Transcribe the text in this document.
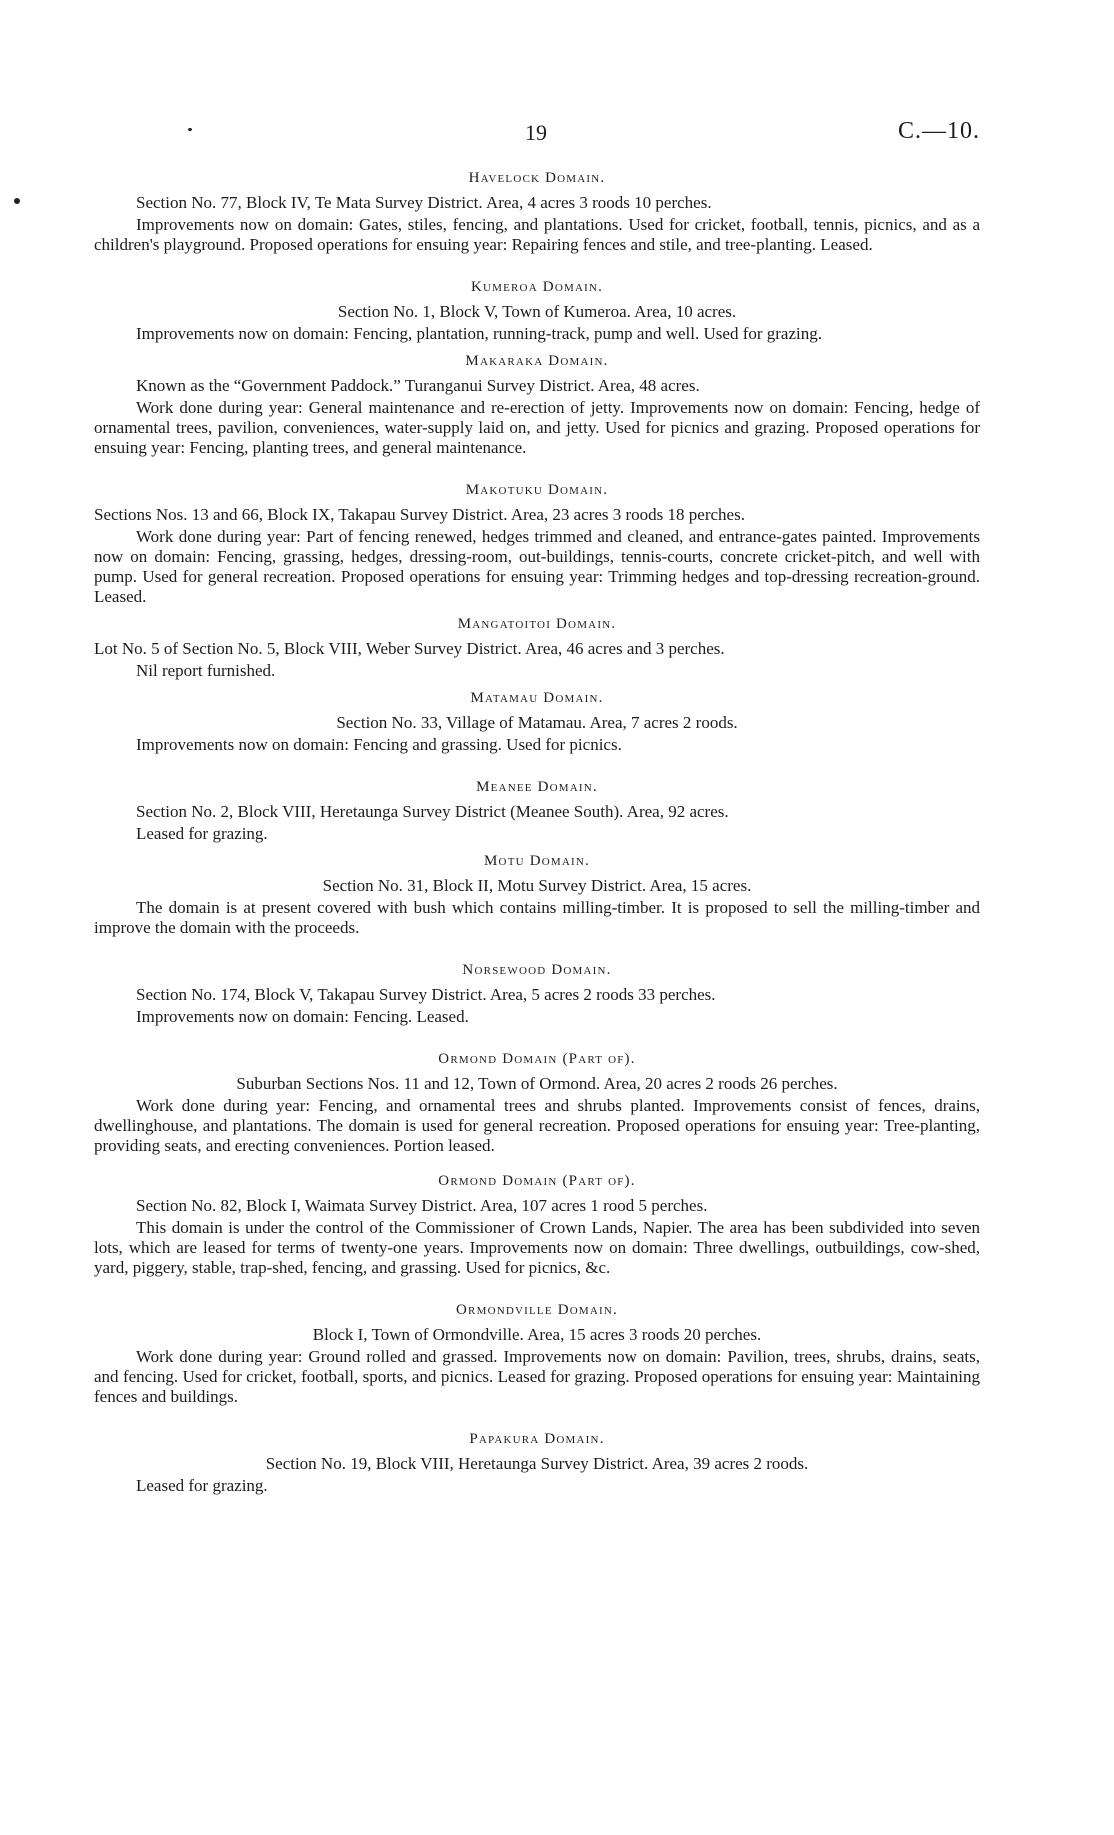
19	C.—10.
Havelock Domain.

Section No. 77, Block IV, Te Mata Survey District. Area, 4 acres 3 roods 10 perches.

Improvements now on domain: Gates, stiles, fencing, and plantations. Used for cricket, football, tennis, picnics, and as a children's playground. Proposed operations for ensuing year: Repairing fences and stile, and tree-planting. Leased.

Kumeroa Domain.

Section No. 1, Block V, Town of Kumeroa. Area, 10 acres.

Improvements now on domain: Fencing, plantation, running-track, pump and well. Used for grazing.

Makaraka Domain.

Known as the “Government Paddock.” Turanganui Survey District. Area, 48 acres.

Work done during year: General maintenance and re-erection of jetty. Improvements now on domain: Fencing, hedge of ornamental trees, pavilion, conveniences, water-supply laid on, and jetty. Used for picnics and grazing. Proposed operations for ensuing year: Fencing, planting trees, and general maintenance.

Makotuku Domain.

Sections Nos. 13 and 66, Block IX, Takapau Survey District. Area, 23 acres 3 roods 18 perches.

Work done during year: Part of fencing renewed, hedges trimmed and cleaned, and entrance-gates painted. Improvements now on domain: Fencing, grassing, hedges, dressing-room, out-buildings, tennis-courts, concrete cricket-pitch, and well with pump. Used for general recreation. Proposed operations for ensuing year: Trimming hedges and top-dressing recreation-ground. Leased.

Mangatoitoi Domain.

Lot No. 5 of Section No. 5, Block VIII, Weber Survey District. Area, 46 acres and 3 perches.

Nil report furnished.

Matamau Domain.

Section No. 33, Village of Matamau. Area, 7 acres 2 roods.

Improvements now on domain: Fencing and grassing. Used for picnics.

Meanee Domain.

Section No. 2, Block VIII, Heretaunga Survey District (Meanee South). Area, 92 acres.

Leased for grazing.

Motu Domain.

Section No. 31, Block II, Motu Survey District. Area, 15 acres.

The domain is at present covered with bush which contains milling-timber. It is proposed to sell the milling-timber and improve the domain with the proceeds.

Norsewood Domain.

Section No. 174, Block V, Takapau Survey District. Area, 5 acres 2 roods 33 perches.

Improvements now on domain: Fencing. Leased.

Ormond Domain (Part of).

Suburban Sections Nos. 11 and 12, Town of Ormond. Area, 20 acres 2 roods 26 perches.

Work done during year: Fencing, and ornamental trees and shrubs planted. Improvements consist of fences, drains, dwellinghouse, and plantations. The domain is used for general recreation. Proposed operations for ensuing year: Tree-planting, providing seats, and erecting conveniences. Portion leased.

Ormond Domain (Part of).

Section No. 82, Block I, Waimata Survey District. Area, 107 acres 1 rood 5 perches.

This domain is under the control of the Commissioner of Crown Lands, Napier. The area has been subdivided into seven lots, which are leased for terms of twenty-one years. Improvements now on domain: Three dwellings, outbuildings, cow-shed, yard, piggery, stable, trap-shed, fencing, and grassing. Used for picnics, &c.

Ormondville Domain.

Block I, Town of Ormondville. Area, 15 acres 3 roods 20 perches.

Work done during year: Ground rolled and grassed. Improvements now on domain: Pavilion, trees, shrubs, drains, seats, and fencing. Used for cricket, football, sports, and picnics. Leased for grazing. Proposed operations for ensuing year: Maintaining fences and buildings.

Papakura Domain.

Section No. 19, Block VIII, Heretaunga Survey District. Area, 39 acres 2 roods.

Leased for grazing.
